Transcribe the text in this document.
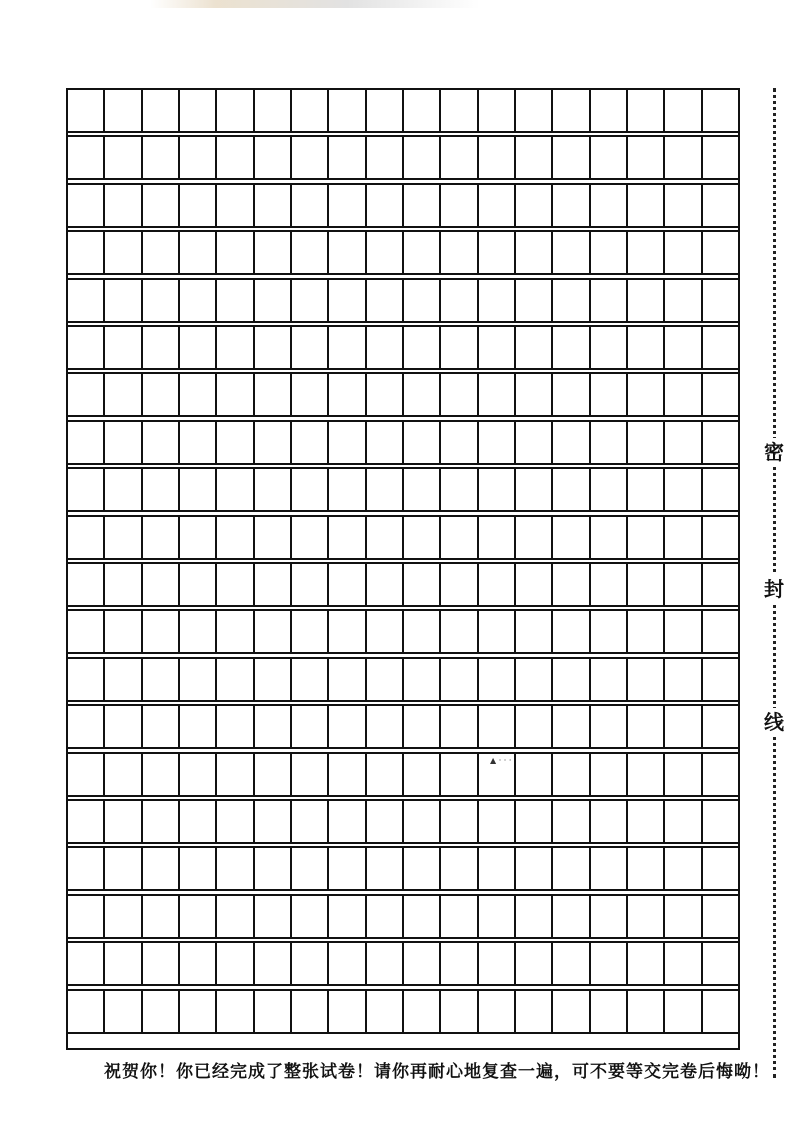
密
封
线
▲ · · ·
祝贺你！你已经完成了整张试卷！请你再耐心地复查一遍，可不要等交完卷后悔呦！
